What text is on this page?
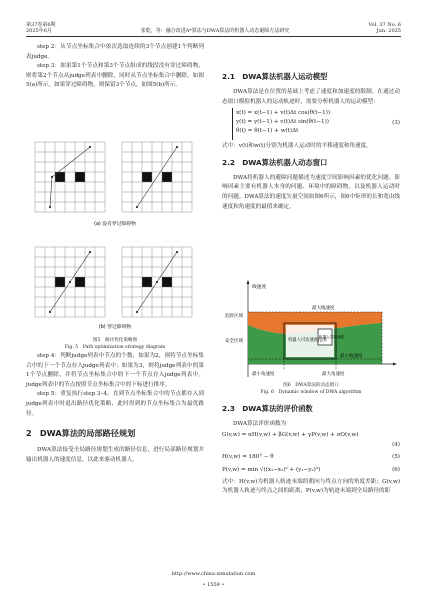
第37卷第6期
2025年6月	张乾，等：融合改进A*算法与DWA算法的机器人动态避障方法研究
Vol. 37 No. 6
Jun. 2025

step 2：从节点坐标集合中依次选取连续的3个节点创建1个判断列表judge。

step 3：如果第1个节点和第3个节点组成的线段没有穿过障碍物，则将第2个节点从judge列表中删除，同时从节点坐标集合中删除。如图5(a)所示。如果穿过障碍物，则保留3个节点，如图5(b)所示。

(a) 没有穿过障碍物
(b) 穿过障碍物
图5　路径优化策略图
Fig. 5　Path optimization strategy diagram

step 4：判断judge列表中节点的个数，如果为2，则将节点坐标集合中的下一个节点存入judge列表中；如果为3，则将judge列表中的第1个节点删除，并将节点坐标集合中的下一个节点存入judge列表中。judge列表中的节点按照节点坐标集合中的下标进行排序。

step 5：重复执行step 3–4，直到节点坐标集合中的节点都存入到judge列表中时退出路径优化策略，此时得到的节点坐标集合为最优路径。

2　DWA算法的局部路径规划

DWA算法接受全局路径规划生成的路径信息，进行局部路径规划并输出机器人的速度信息，以此来驱动机器人。

2.1　DWA算法机器人运动模型

DWA算法是在位置的基础上考虑了速度和加速度的限制。在通过动态窗口模拟机器人的运动轨迹时，需要分析机器人的运动模型：

x(t) = x(t−1) + v(t)Δt cos(θ(t−1))
y(t) = y(t−1) + v(t)Δt sin(θ(t−1))
θ(t) = θ(t−1) + w(t)Δt
(3)

式中：v(t)和w(t)分别为机器人运动时的平移速度和角速度。

2.2　DWA算法机器人动态窗口

DWA将机器人的避障问题描述为速度空间影响因素的优化问题。影响因素主要有机器人本身的问题、环境中的障碍物，以及机器人运动时的问题。DWA算法的速度矢量空间如图6所示，图6中矩形的长和宽由线速度和角速度的最值来确定。

线速度
危险区域
最大线速度
安全区域	机器人可达速度范围
机器人实际速度
最小线速度
最小角速度	最大角速度
图6　DWA算法的动态窗口
Fig. 6　Dynamic window of DWA algorithm
2.3　DWA算法的评价函数

DWA算法评价函数为

G(v,w) = αH(v,w) + βG(v,w) + γP(v,w) + σO(v,w)
(4)
H(v,w) = 180° − θ	(5)
P(v,w) = min √((x₁−x₂)² + (y₁−y₂)²)	(6)

式中：H(v,w)为机器人轨迹末端的朝向与终点方向的角度差距；G(v,w)为机器人轨迹与终点之间的距离；P(v,w)为轨迹末端到全局路径的距

http://www.china-simulation.com
• 1559 •
